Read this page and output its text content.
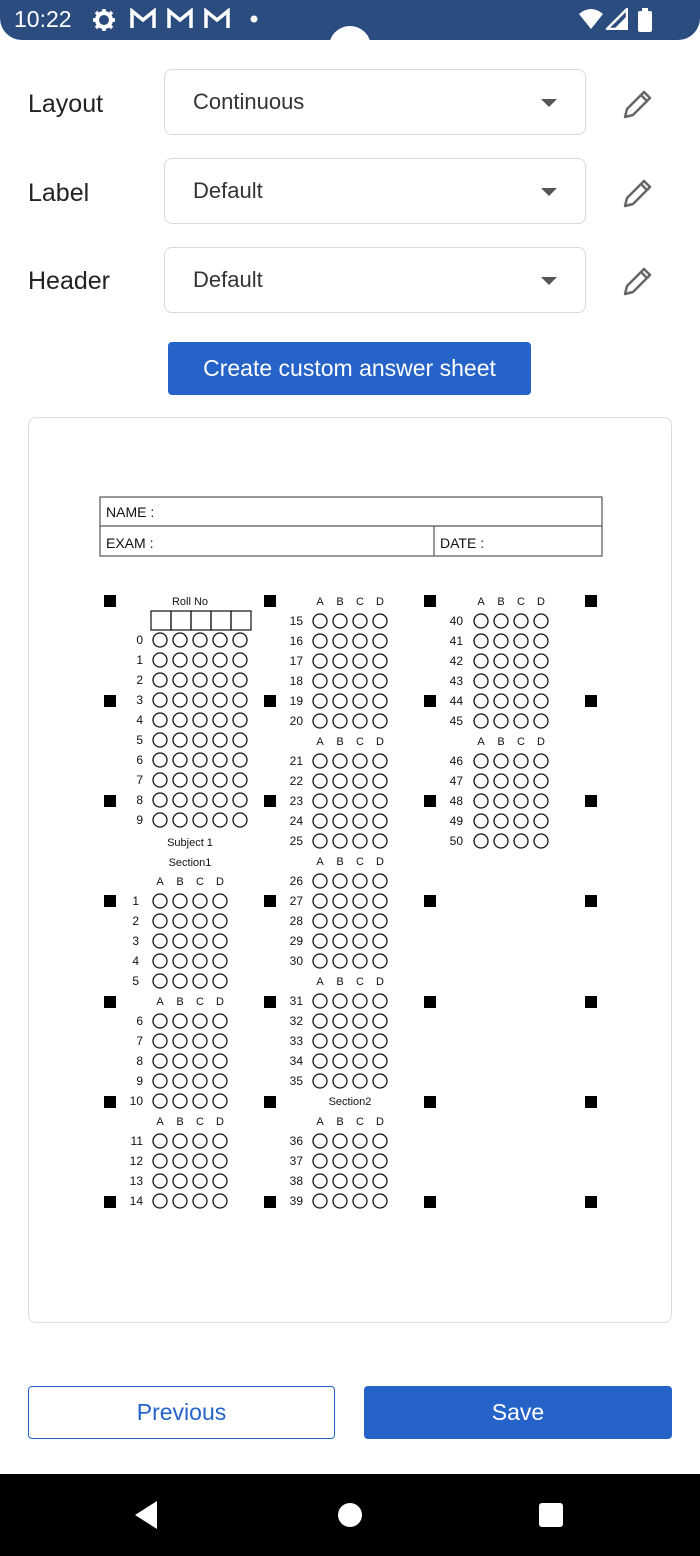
10:22
Layout	Continuous
Label	Default
Header	Default
Create custom answer sheet
NAME :
EXAM :	DATE :
Roll No
0
1
2
3
4
5
6
7
8
9
Subject 1
Section1
A B C D
1
2
3
4
5
A B C D
6
7
8
9
10
A B C D
11
12
13
14
A B C D
15
16
17
18
19
20
A B C D
21
22
23
24
25
A B C D
26
27
28
29
30
A B C D
31
32
33
34
35
Section2
A B C D
36
37
38
39
A B C D
40
41
42
43
44
45
A B C D
46
47
48
49
50
Previous	Save
